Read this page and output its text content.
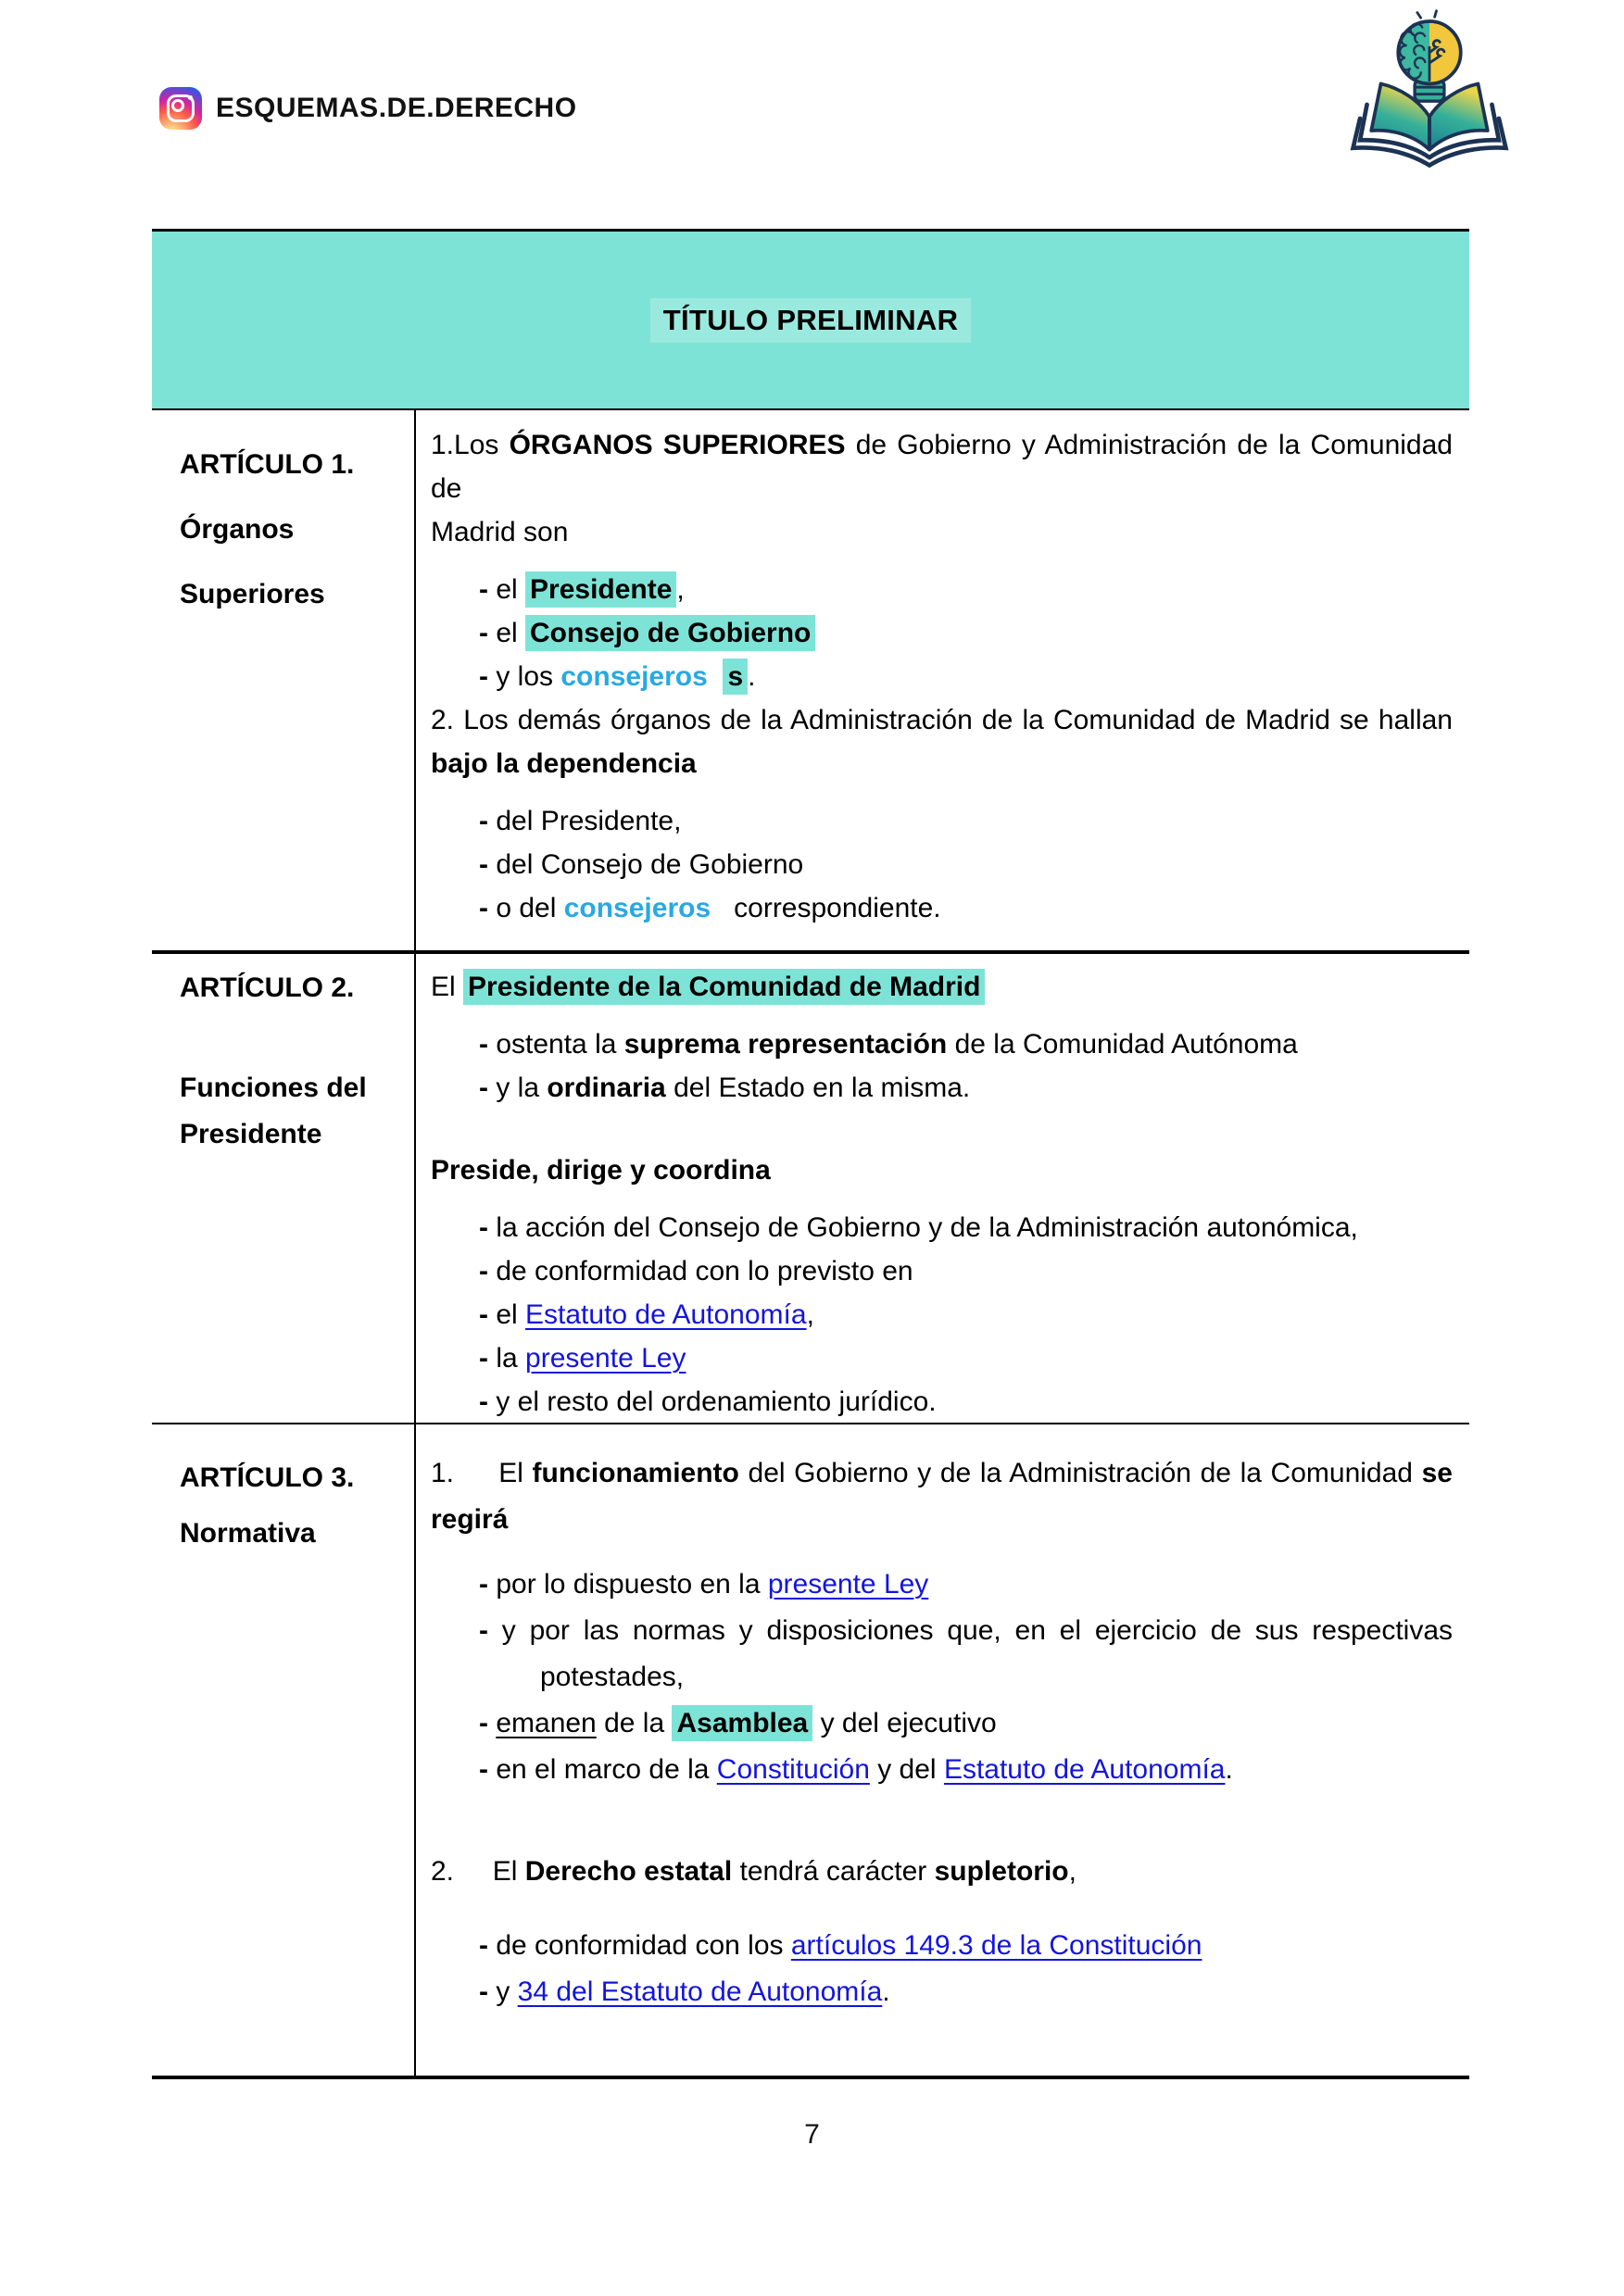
ESQUEMAS.DE.DERECHO
TÍTULO PRELIMINAR
ARTÍCULO 1.
Órganos
Superiores
1.Los ÓRGANOS SUPERIORES de Gobierno y Administración de la Comunidad de
Madrid son
- el Presidente ,
- el Consejo de Gobierno
- y los consejeros s .
2. Los demás órganos de la Administración de la Comunidad de Madrid se hallan
bajo la dependencia
- del Presidente,
- del Consejo de Gobierno
- o del consejeros   correspondiente.
ARTÍCULO 2.
Funciones del
Presidente
El Presidente de la Comunidad de Madrid
- ostenta la suprema representación de la Comunidad Autónoma
- y la ordinaria del Estado en la misma.
Preside, dirige y coordina
- la acción del Consejo de Gobierno y de la Administración autonómica,
- de conformidad con lo previsto en
- el Estatuto de Autonomía,
- la presente Ley
- y el resto del ordenamiento jurídico.
ARTÍCULO 3.
Normativa
1. El funcionamiento del Gobierno y de la Administración de la Comunidad se
regirá
- por lo dispuesto en la presente Ley
- y por las normas y disposiciones que, en el ejercicio de sus respectivas
potestades,
- emanen de la Asamblea y del ejecutivo
- en el marco de la Constitución y del Estatuto de Autonomía.
2. El Derecho estatal tendrá carácter supletorio,
- de conformidad con los artículos 149.3 de la Constitución
- y 34 del Estatuto de Autonomía.
7
